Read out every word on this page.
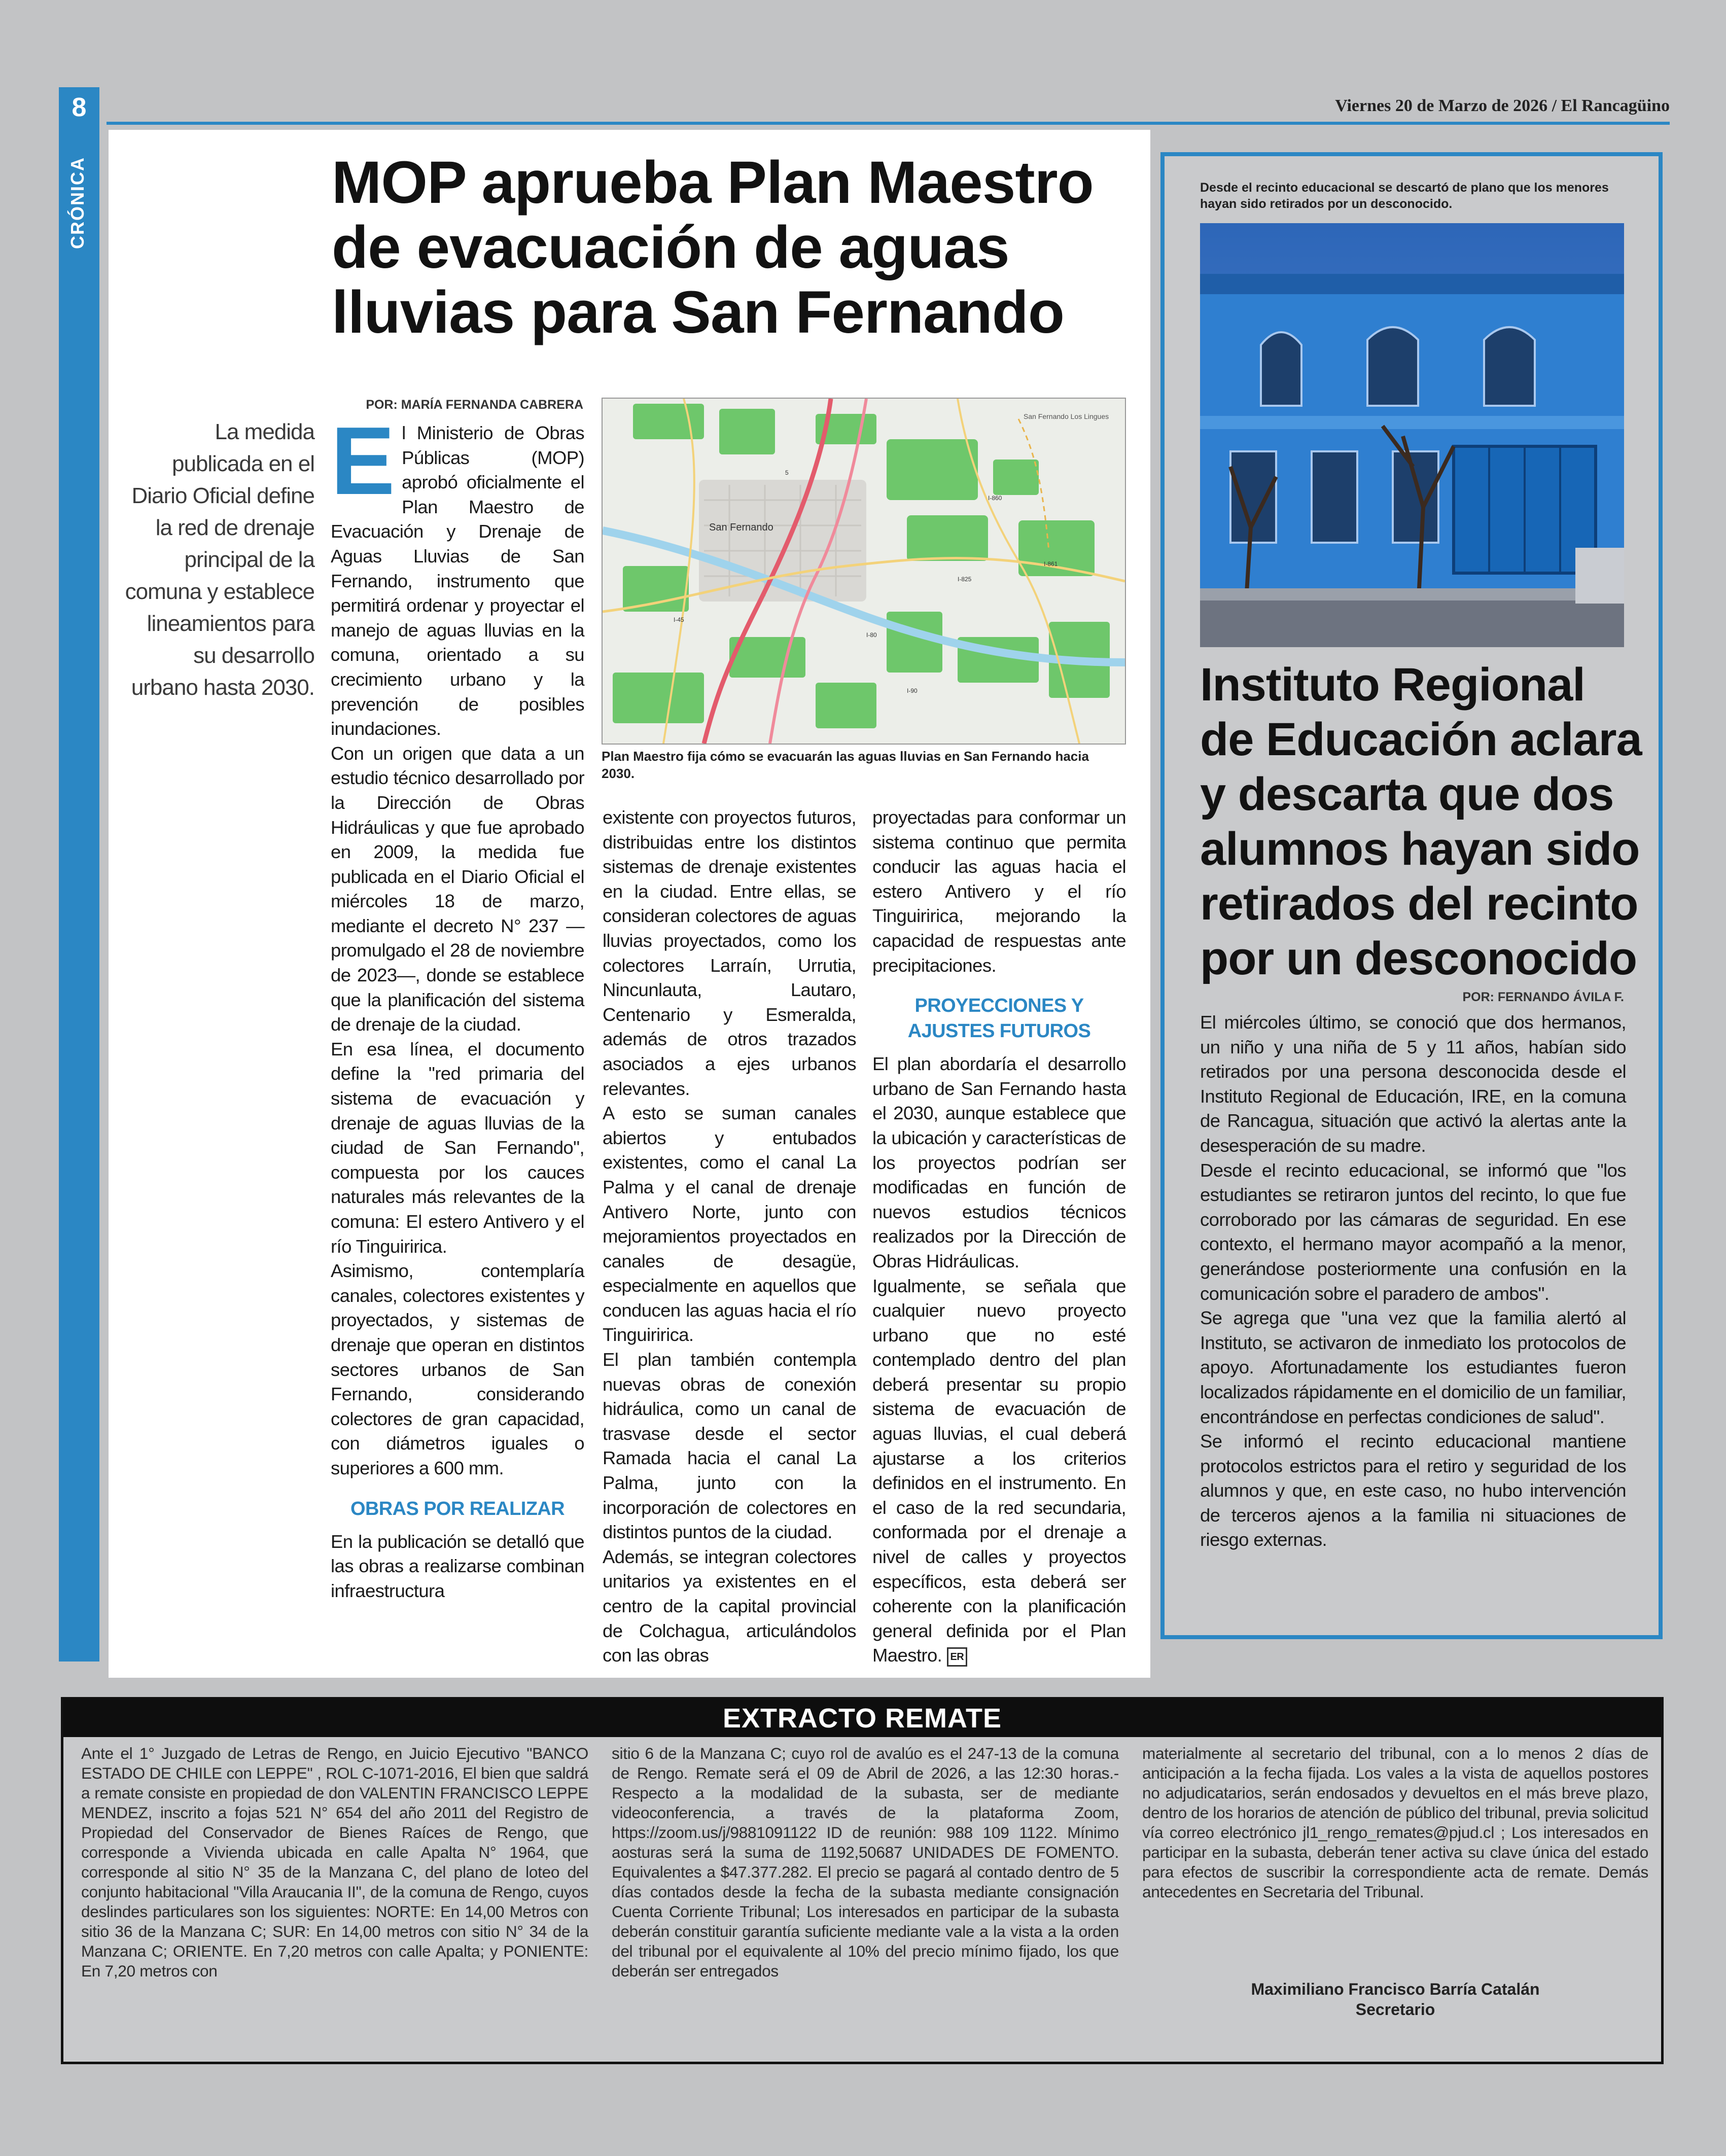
8
CRÓNICA
Viernes 20 de Marzo de 2026 / El Rancagüino
MOP aprueba Plan Maestro de evacuación de aguas lluvias para San Fernando
POR: MARÍA FERNANDA CABRERA
La medida publicada en el Diario Oficial define la red de drenaje principal de la comuna y establece lineamientos para su desarrollo urbano hasta 2030.

El Ministerio de Obras Públicas (MOP) aprobó oficialmente el Plan Maestro de Evacuación y Drenaje de Aguas Lluvias de San Fernando, instrumento que permitirá ordenar y proyectar el manejo de aguas lluvias en la comuna, orientado a su crecimiento urbano y la prevención de posibles inundaciones.

Con un origen que data a un estudio técnico desarrollado por la Dirección de Obras Hidráulicas y que fue aprobado en 2009, la medida fue publicada en el Diario Oficial el miércoles 18 de marzo, mediante el decreto N° 237 —promulgado el 28 de noviembre de 2023—, donde se establece que la planificación del sistema de drenaje de la ciudad.

En esa línea, el documento define la "red primaria del sistema de evacuación y drenaje de aguas lluvias de la ciudad de San Fernando", compuesta por los cauces naturales más relevantes de la comuna: El estero Antivero y el río Tinguiririca.

Asimismo, contemplaría canales, colectores existentes y proyectados, y sistemas de drenaje que operan en distintos sectores urbanos de San Fernando, considerando colectores de gran capacidad, con diámetros iguales o superiores a 600 mm.

OBRAS POR REALIZAR

En la publicación se detalló que las obras a realizarse combinan infraestructura

San Fernando
San Fernando Los Lingues
5
I-860
I-861
I-825
I-80
I-90
I-45
Plan Maestro fija cómo se evacuarán las aguas lluvias en San Fernando hacia 2030.

existente con proyectos futuros, distribuidas entre los distintos sistemas de drenaje existentes en la ciudad. Entre ellas, se consideran colectores de aguas lluvias proyectados, como los colectores Larraín, Urrutia, Nincunlauta, Lautaro, Centenario y Esmeralda, además de otros trazados asociados a ejes urbanos relevantes.

A esto se suman canales abiertos y entubados existentes, como el canal La Palma y el canal de drenaje Antivero Norte, junto con mejoramientos proyectados en canales de desagüe, especialmente en aquellos que conducen las aguas hacia el río Tinguiririca.

El plan también contempla nuevas obras de conexión hidráulica, como un canal de trasvase desde el sector Ramada hacia el canal La Palma, junto con la incorporación de colectores en distintos puntos de la ciudad.

Además, se integran colectores unitarios ya existentes en el centro de la capital provincial de Colchagua, articulándolos con las obras

proyectadas para conformar un sistema continuo que permita conducir las aguas hacia el estero Antivero y el río Tinguiririca, mejorando la capacidad de respuestas ante precipitaciones.

PROYECCIONES Y AJUSTES FUTUROS

El plan abordaría el desarrollo urbano de San Fernando hasta el 2030, aunque establece que la ubicación y características de los proyectos podrían ser modificadas en función de nuevos estudios técnicos realizados por la Dirección de Obras Hidráulicas.

Igualmente, se señala que cualquier nuevo proyecto urbano que no esté contemplado dentro del plan deberá presentar su propio sistema de evacuación de aguas lluvias, el cual deberá ajustarse a los criterios definidos en el instrumento. En el caso de la red secundaria, conformada por el drenaje a nivel de calles y proyectos específicos, esta deberá ser coherente con la planificación general definida por el Plan Maestro. ER

Desde el recinto educacional se descartó de plano que los menores hayan sido retirados por un desconocido.
Instituto Regional de Educación aclara y descarta que dos alumnos hayan sido retirados del recinto por un desconocido
POR: FERNANDO ÁVILA F.

El miércoles último, se conoció que dos hermanos, un niño y una niña de 5 y 11 años, habían sido retirados por una persona desconocida desde el Instituto Regional de Educación, IRE, en la comuna de Rancagua, situación que activó la alertas ante la desesperación de su madre.

Desde el recinto educacional, se informó que "los estudiantes se retiraron juntos del recinto, lo que fue corroborado por las cámaras de seguridad. En ese contexto, el hermano mayor acompañó a la menor, generándose posteriormente una confusión en la comunicación sobre el paradero de ambos".

Se agrega que "una vez que la familia alertó al Instituto, se activaron de inmediato los protocolos de apoyo. Afortunadamente los estudiantes fueron localizados rápidamente en el domicilio de un familiar, encontrándose en perfectas condiciones de salud".

Se informó el recinto educacional mantiene protocolos estrictos para el retiro y seguridad de los alumnos y que, en este caso, no hubo intervención de terceros ajenos a la familia ni situaciones de riesgo externas.

EXTRACTO REMATE
Ante el 1° Juzgado de Letras de Rengo, en Juicio Ejecutivo "BANCO ESTADO DE CHILE con LEPPE" , ROL C-1071-2016, El bien que saldrá a remate consiste en propiedad de don VALENTIN FRANCISCO LEPPE MENDEZ, inscrito a fojas 521 N° 654 del año 2011 del Registro de Propiedad del Conservador de Bienes Raíces de Rengo, que corresponde a Vivienda ubicada en calle Apalta N° 1964, que corresponde al sitio N° 35 de la Manzana C, del plano de loteo del conjunto habitacional "Villa Araucania II", de la comuna de Rengo, cuyos deslindes particulares son los siguientes: NORTE: En 14,00 Metros con sitio 36 de la Manzana C; SUR: En 14,00 metros con sitio N° 34 de la Manzana C; ORIENTE. En 7,20 metros con calle Apalta; y PONIENTE: En 7,20 metros con
sitio 6 de la Manzana C; cuyo rol de avalúo es el 247-13 de la comuna de Rengo. Remate será el 09 de Abril de 2026, a las 12:30 horas.- Respecto a la modalidad de la subasta, ser de mediante videoconferencia, a través de la plataforma Zoom, https://zoom.us/j/9881091122 ID de reunión: 988 109 1122. Mínimo aosturas será la suma de 1192,50687 UNIDADES DE FOMENTO. Equivalentes a $47.377.282. El precio se pagará al contado dentro de 5 días contados desde la fecha de la subasta mediante consignación Cuenta Corriente Tribunal; Los interesados en participar de la subasta deberán constituir garantía suficiente mediante vale a la vista a la orden del tribunal por el equivalente al 10% del precio mínimo fijado, los que deberán ser entregados
materialmente al secretario del tribunal, con a lo menos 2 días de anticipación a la fecha fijada. Los vales a la vista de aquellos postores no adjudicatarios, serán endosados y devueltos en el más breve plazo, dentro de los horarios de atención de público del tribunal, previa solicitud vía correo electrónico jl1_rengo_remates@pjud.cl ; Los interesados en participar en la subasta, deberán tener activa su clave única del estado para efectos de suscribir la correspondiente acta de remate. Demás antecedentes en Secretaria del Tribunal.
Maximiliano Francisco Barría Catalán
Secretario
